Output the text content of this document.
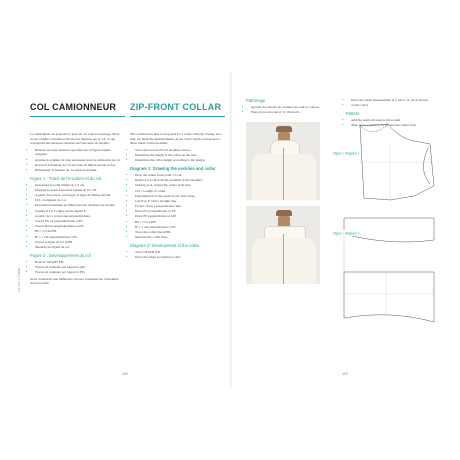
Le col • Collar
COL CAMIONNEUR ZIP-FRONT COLLAR

Le camionneur est proposé ici pour un col sans boutonnage. Nous avons comme convention d'écrire les mesures sur le col, ce qui correspond aux mesures relevées sur l'encolure du modèle.

• Relevez les deux mesures reportées sur la figure d'égale longueur.
• Ajoutez le schéma de base nécessaire pour la réalisation du col.
• Reportez la hauteur du col sur l'axe de milieu devant et dos.
• Déterminez la hauteur de col selon le modèle.
Figure 1 : Tracé de l'encolure et du col
• Descendre le point milieu de 1,5 cm.
• Dégager le point d'encolure épaule de 0,5 cm.
• A partir du point A, prolongez la ligne de milieu devant.
• CD = Longueur de col.
• Perpendiculairement au milieu devant, dessinez les droites.
• Joindre E à F, la ligne droite depuis E.
• A partir de C, tracez une perpendiculaire.
• Tracez FG en perpendiculaire à EF.
• Tracez HJ en perpendiculaire à GH.
• HI = 1/3 de EH.
• IF = 1 cm perpendiculaire à EI.
• Tracez la ligne de col GHIJ.
• Mesurez les lignes de col.
Figure 2 : Développement du col
• Relevez GFGHT ED.
• Tracez en rondeurs par rapport à AD.
• Tracez en rondeurs par rapport à ED.

Nous constatons une différence qui sera comparée par l'ensemble du bord-côtes.

The construction here is proposed for a collar with zip closing. As a rule, we mark the measurements on the collar which correspond to those taken on the neckline.

• Trace the back and front neckline curves.
• Determine the height of the collar on the axis.
• Determine the collar height according to the design.
Diagram 1: Drawing the neckline and collar
• Drop the center front point 1.5 cm.
• Remove 0.5 cm from the neckline at the shoulder.
• Starting at A, extend the center front line.
• CD = Length of collar.
• Perpendicular to the center front, draw lines.
• Join E to F with a straight line.
• From C draw a perpendicular line.
• Draw FG perpendicular to EF.
• Draw HJ perpendicular to GH.
• HI = 1/3 of EH.
• IF = 1 cm perpendicular to EI.
• Trace the collar line GHIJ.
• Measure the collar lines.
Diagram 2: Development of the collar
• Trace GFGHT ED.
• Draw the shape in relation to AD.
118
Patronage
• Ajoutez les valeurs de coutures sur tout le contour.
• Plus, placez un cran et 11 cm de pli.
• Draw the shape measurement at 5 cm to 11 cm as shown.
• on the collar.
Pattern
• Add the seam allowances all around.
• Then place a notch at 11 cm and the center fold.
Figure / Diagram 1
Figure / Diagram 2
119
